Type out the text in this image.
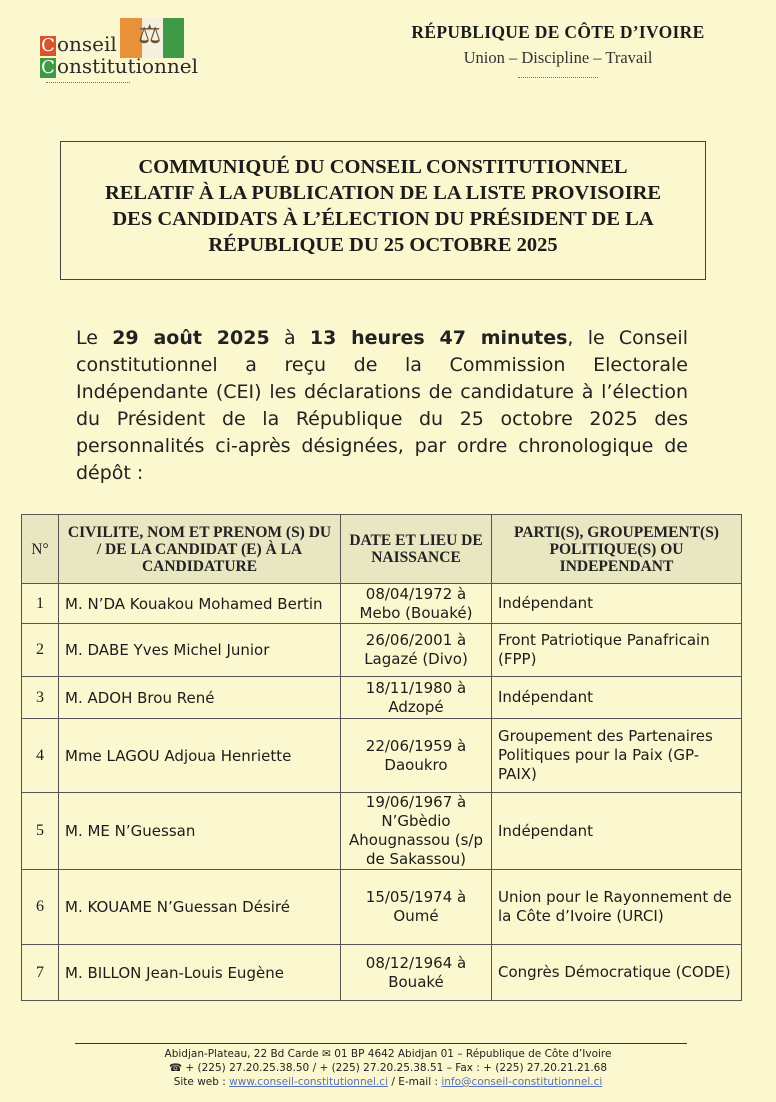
⚖
C onseil
C onstitutionnel
RÉPUBLIQUE DE CÔTE D’IVOIRE
Union – Discipline – Travail
COMMUNIQUÉ DU CONSEIL CONSTITUTIONNEL
RELATIF À LA PUBLICATION DE LA LISTE PROVISOIRE
DES CANDIDATS À L’ÉLECTION DU PRÉSIDENT DE LA
RÉPUBLIQUE DU 25 OCTOBRE 2025
Le 29 août 2025 à 13 heures 47 minutes, le Conseil constitutionnel a reçu de la Commission Electorale Indépendante (CEI) les déclarations de candidature à l’élection du Président de la République du 25 octobre 2025 des personnalités ci-après désignées, par ordre chronologique de dépôt :
N°	CIVILITE, NOM ET PRENOM (S) DU / DE LA CANDIDAT (E) À LA CANDIDATURE	DATE ET LIEU DE NAISSANCE	PARTI(S), GROUPEMENT(S) POLITIQUE(S) OU INDEPENDANT
1	M. N’DA Kouakou Mohamed Bertin	08/04/1972 à Mebo (Bouaké)	Indépendant
2	M. DABE Yves Michel Junior	26/06/2001 à Lagazé (Divo)	Front Patriotique Panafricain (FPP)
3	M. ADOH Brou René	18/11/1980 à Adzopé	Indépendant
4	Mme LAGOU Adjoua Henriette	22/06/1959 à Daoukro	Groupement des Partenaires Politiques pour la Paix (GP-PAIX)
5	M. ME N’Guessan	19/06/1967 à N’Gbèdio Ahougnassou (s/p de Sakassou)	Indépendant
6	M. KOUAME N’Guessan Désiré	15/05/1974 à Oumé	Union pour le Rayonnement de la Côte d’Ivoire (URCI)
7	M. BILLON Jean-Louis Eugène	08/12/1964 à Bouaké	Congrès Démocratique (CODE)
Abidjan-Plateau, 22 Bd Carde ✉ 01 BP 4642 Abidjan 01 – République de Côte d’Ivoire
☎ + (225) 27.20.25.38.50 / + (225) 27.20.25.38.51 – Fax : + (225) 27.20.21.21.68
Site web : www.conseil-constitutionnel.ci / E-mail : info@conseil-constitutionnel.ci
